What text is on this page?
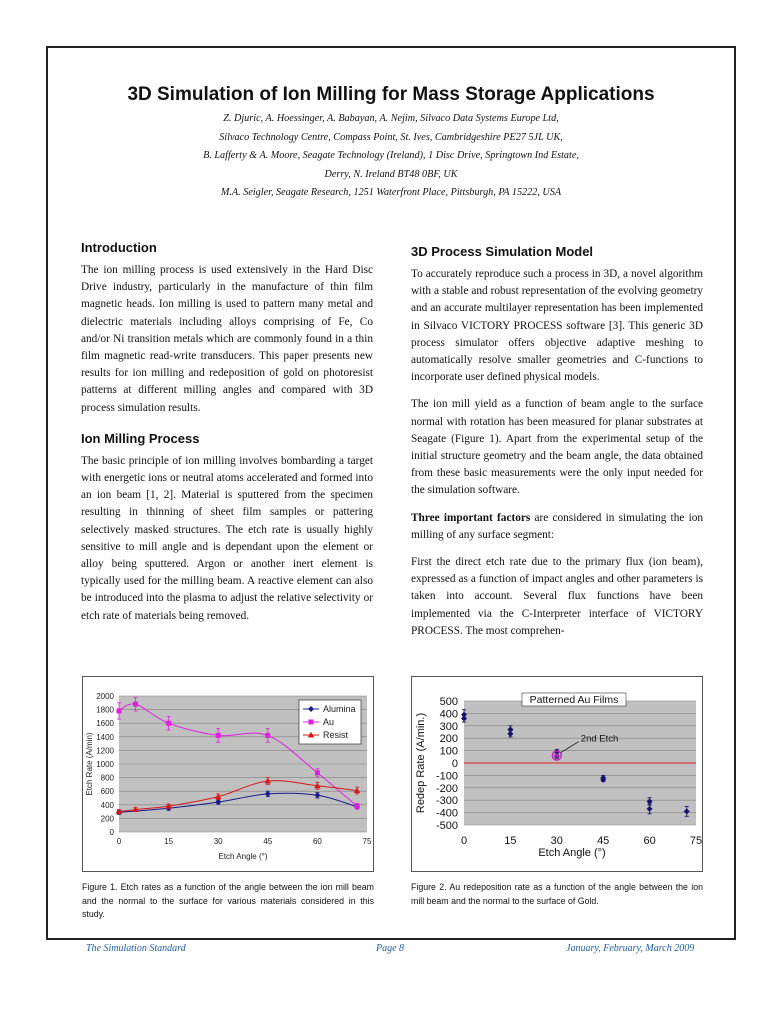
3D Simulation of Ion Milling for Mass Storage Applications
Z. Djuric, A. Hoessinger, A. Babayan, A. Nejim, Silvaco Data Systems Europe Ltd,
Silvaco Technology Centre, Compass Point, St. Ives, Cambridgeshire PE27 5JL UK,
B. Lafferty & A. Moore, Seagate Technology (Ireland), 1 Disc Drive, Springtown Ind Estate,
Derry, N. Ireland BT48 0BF, UK
M.A. Seigler, Seagate Research, 1251 Waterfront Place, Pittsburgh, PA 15222, USA
Introduction
The ion milling process is used extensively in the Hard Disc Drive industry, particularly in the manufacture of thin film magnetic heads. Ion milling is used to pattern many metal and dielectric materials including alloys comprising of Fe, Co and/or Ni transition metals which are commonly found in a thin film magnetic read-write transducers. This paper presents new results for ion milling and redeposition of gold on photoresist patterns at different milling angles and compared with 3D process simulation results.
Ion Milling Process
The basic principle of ion milling involves bombarding a target with energetic ions or neutral atoms accelerated and formed into an ion beam [1, 2]. Material is sputtered from the specimen resulting in thinning of sheet film samples or pattering selectively masked structures. The etch rate is usually highly sensitive to mill angle and is dependant upon the element or alloy being sputtered. Argon or another inert element is typically used for the milling beam. A reactive element can also be introduced into the plasma to adjust the relative selectivity or etch rate of materials being removed.
3D Process Simulation Model
To accurately reproduce such a process in 3D, a novel algorithm with a stable and robust representation of the evolving geometry and an accurate multilayer representation has been implemented in Silvaco VICTORY PROCESS software [3]. This generic 3D process simulator offers objective adaptive meshing to automatically resolve smaller geometries and C-functions to incorporate user defined physical models.
The ion mill yield as a function of beam angle to the surface normal with rotation has been measured for planar substrates at Seagate (Figure 1). Apart from the experimental setup of the initial structure geometry and the beam angle, the data obtained from these basic measurements were the only input needed for the simulation software.
Three important factors are considered in simulating the ion milling of any surface segment:
First the direct etch rate due to the primary flux (ion beam), expressed as a function of impact angles and other parameters is taken into account. Several flux functions have been implemented via the C-Interpreter interface of VICTORY PROCESS. The most comprehen-
0
200
400
600
800
1000
1200
1400
1600
1800
2000
0	15	30	45	60	75
Etch Angle (°)
Etch Rate (A/min)
Alumina
Au
Resist
Figure 1. Etch rates as a function of the angle between the ion mill beam and the normal to the surface for various materials considered in this study.
500
400
300
200
100
0
-100
-200
-300
-400
-500
0	15	30	45	60	75
Etch Angle (°)
Redep Rate (A/min.)
Patterned Au Films
2nd Etch
Figure 2. Au redeposition rate as a function of the angle between the ion mill beam and the normal to the surface of Gold.
The Simulation Standard	Page 8	January, February, March 2009
